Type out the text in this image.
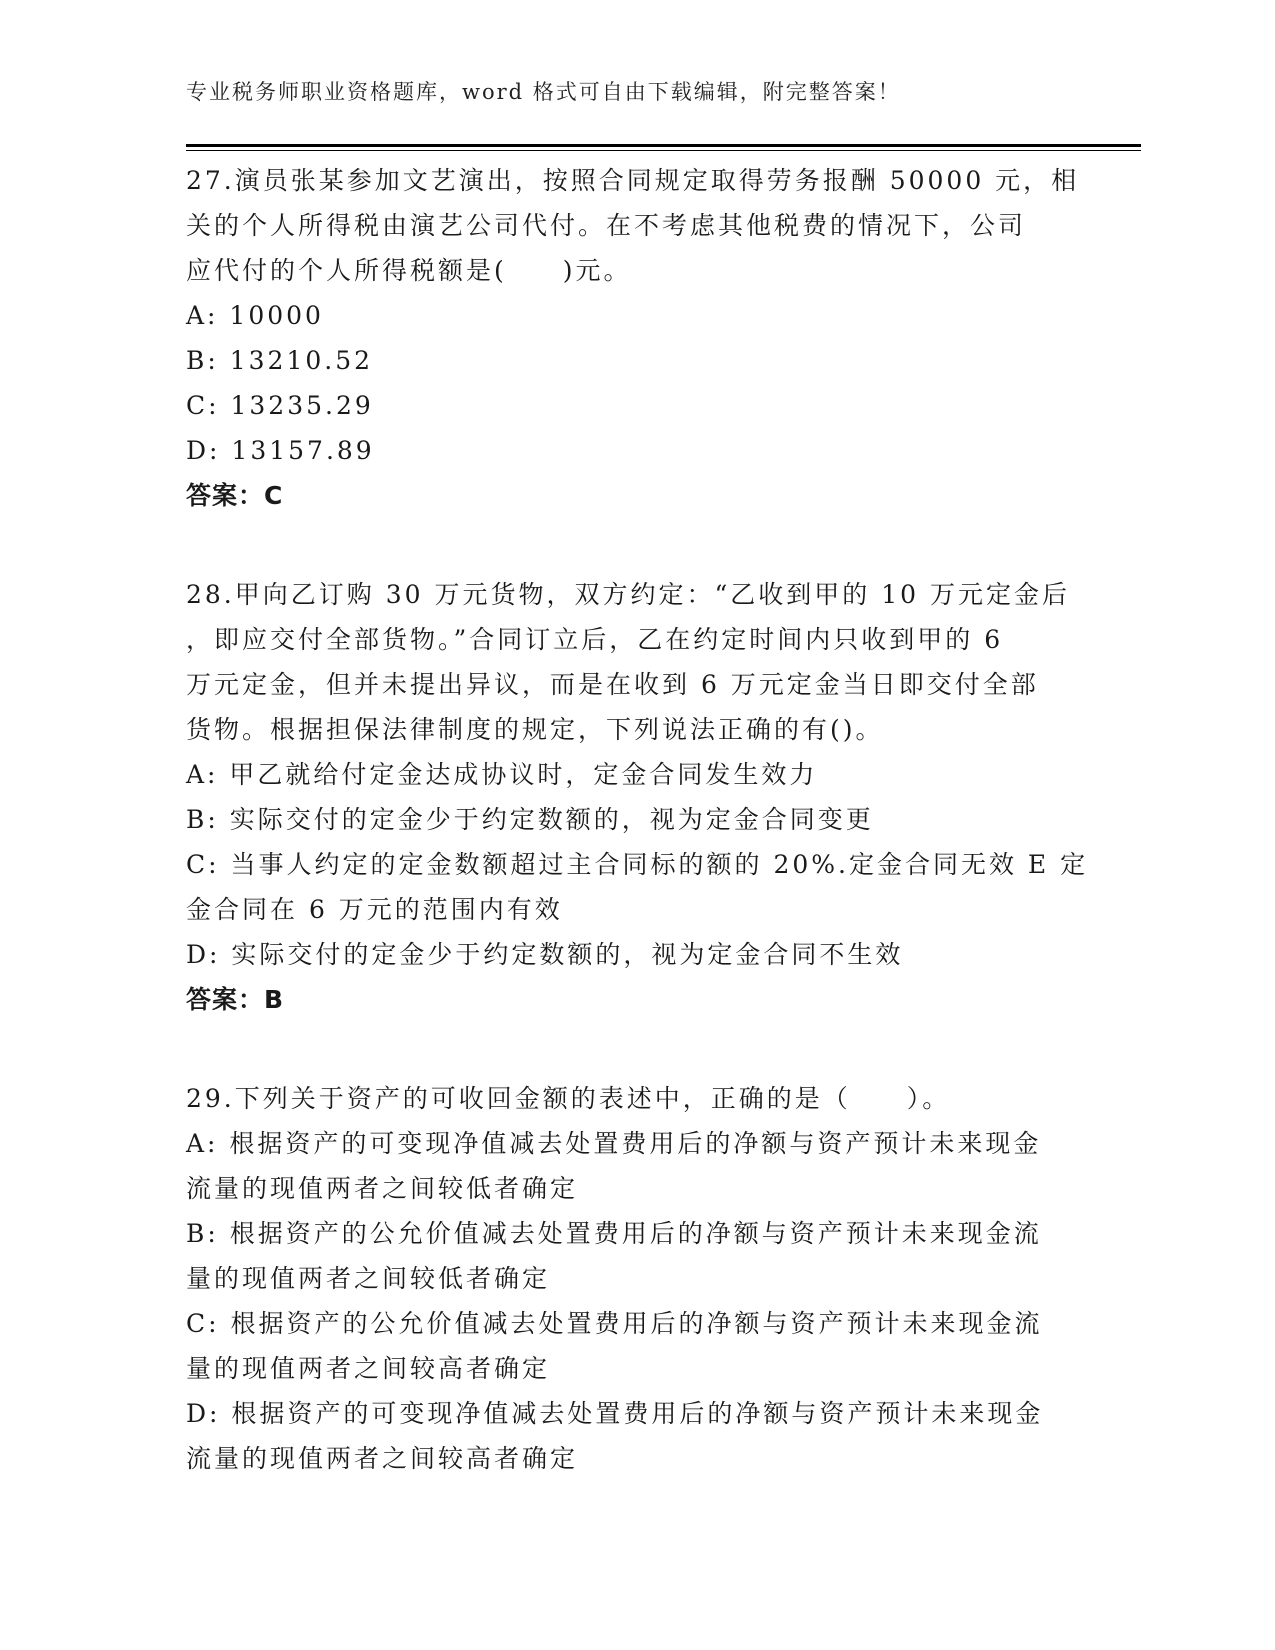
专业税务师职业资格题库，word 格式可自由下载编辑，附完整答案！
27.演员张某参加文艺演出，按照合同规定取得劳务报酬 50000 元，相
关的个人所得税由演艺公司代付。在不考虑其他税费的情况下，公司
应代付的个人所得税额是(　　)元。
A: 10000
B: 13210.52
C: 13235.29
D: 13157.89
答案：C
28.甲向乙订购 30 万元货物，双方约定：“乙收到甲的 10 万元定金后
，即应交付全部货物。”合同订立后，乙在约定时间内只收到甲的 6
万元定金，但并未提出异议，而是在收到 6 万元定金当日即交付全部
货物。根据担保法律制度的规定，下列说法正确的有()。
A: 甲乙就给付定金达成协议时，定金合同发生效力
B: 实际交付的定金少于约定数额的，视为定金合同变更
C: 当事人约定的定金数额超过主合同标的额的 20%.定金合同无效 E 定
金合同在 6 万元的范围内有效
D: 实际交付的定金少于约定数额的，视为定金合同不生效
答案：B
29.下列关于资产的可收回金额的表述中，正确的是（　　）。
A: 根据资产的可变现净值减去处置费用后的净额与资产预计未来现金
流量的现值两者之间较低者确定
B: 根据资产的公允价值减去处置费用后的净额与资产预计未来现金流
量的现值两者之间较低者确定
C: 根据资产的公允价值减去处置费用后的净额与资产预计未来现金流
量的现值两者之间较高者确定
D: 根据资产的可变现净值减去处置费用后的净额与资产预计未来现金
流量的现值两者之间较高者确定
